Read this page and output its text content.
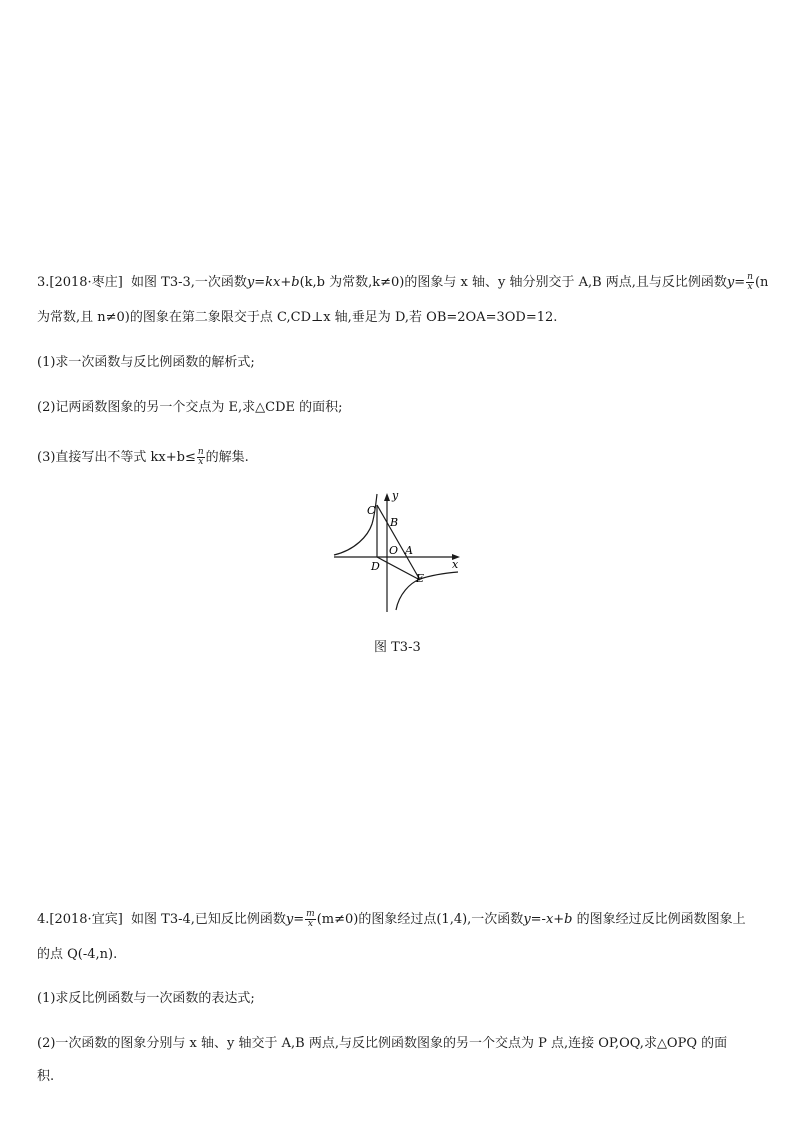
3.[2018·枣庄] 如图 T3-3,一次函数y=kx+b(k,b 为常数,k≠0)的图象与 x 轴、y 轴分别交于 A,B 两点,且与反比例函数$y= \frac{n}{x} (n$
为常数,且 n≠0)的图象在第二象限交于点 C,CD⊥x 轴,垂足为 D,若 OB=2OA=3OD=12.
(1)求一次函数与反比例函数的解析式;
(2)记两函数图象的另一个交点为 E,求△CDE 的面积;
(3)直接写出不等式 $kx+b\le \frac{n}{x}$ 的解集.
y
x
C
B
O A
D
E
图 T3-3
4.[2018·宜宾] 如图 T3-4,已知反比例函数$y= \frac{m}{x} (m\ne 0)$的图象经过点(1,4),一次函数y=-x+b 的图象经过反比例函数图象上
的点 Q(-4,n).
(1)求反比例函数与一次函数的表达式;
(2)一次函数的图象分别与 x 轴、y 轴交于 A,B 两点,与反比例函数图象的另一个交点为 P 点,连接 OP,OQ,求△OPQ 的面
积.
